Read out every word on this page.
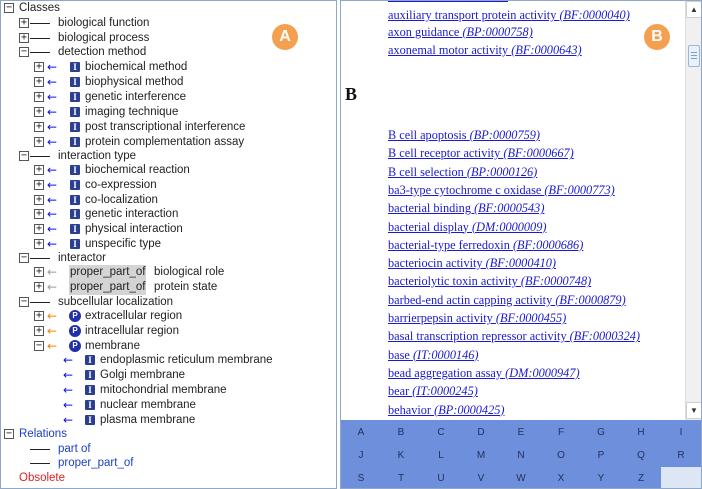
− Classes
+	biological function
+	biological process
−	detection method
+ ←	I biochemical method
+ ←	I biophysical method
+ ←	I genetic interference
+ ←	I imaging technique
+ ←	I post transcriptional interference
+ ←	I protein complementation assay
−	interaction type
+ ←	I biochemical reaction
+ ←	I co-expression
+ ←	I co-localization
+ ←	I genetic interaction
+ ←	I physical interaction
+ ←	I unspecific type
−	interactor
+ ←	proper_part_of biological role
+ ←	proper_part_of protein state
−	subcellular localization
+ ←	P extracellular region
+ ←	P intracellular region
− ←	P membrane
←	I endoplasmic reticulum membrane
←	I Golgi membrane
←	I mitochondrial membrane
←	I nuclear membrane
←	I plasma membrane
− Relations
part of
proper_part_of
Obsolete
A
auxiliary transport protein activity (BF:0000040)
axon guidance (BP:0000758)
axonemal motor activity (BF:0000643)
B
B cell apoptosis (BP:0000759)
B cell receptor activity (BF:0000667)
B cell selection (BP:0000126)
ba3-type cytochrome c oxidase (BF:0000773)
bacterial binding (BF:0000543)
bacterial display (DM:0000009)
bacterial-type ferredoxin (BF:0000686)
bacteriocin activity (BF:0000410)
bacteriolytic toxin activity (BF:0000748)
barbed-end actin capping activity (BF:0000879)
barrierpepsin activity (BF:0000455)
basal transcription repressor activity (BF:0000324)
base (IT:0000146)
bead aggregation assay (DM:0000947)
bear (IT:0000245)
behavior (BP:0000425)
▲
▼
A	B	C	D	E	F	G	H	I
J	K	L	M	N	O	P	Q	R
S	T	U	V	W	X	Y	Z
B
